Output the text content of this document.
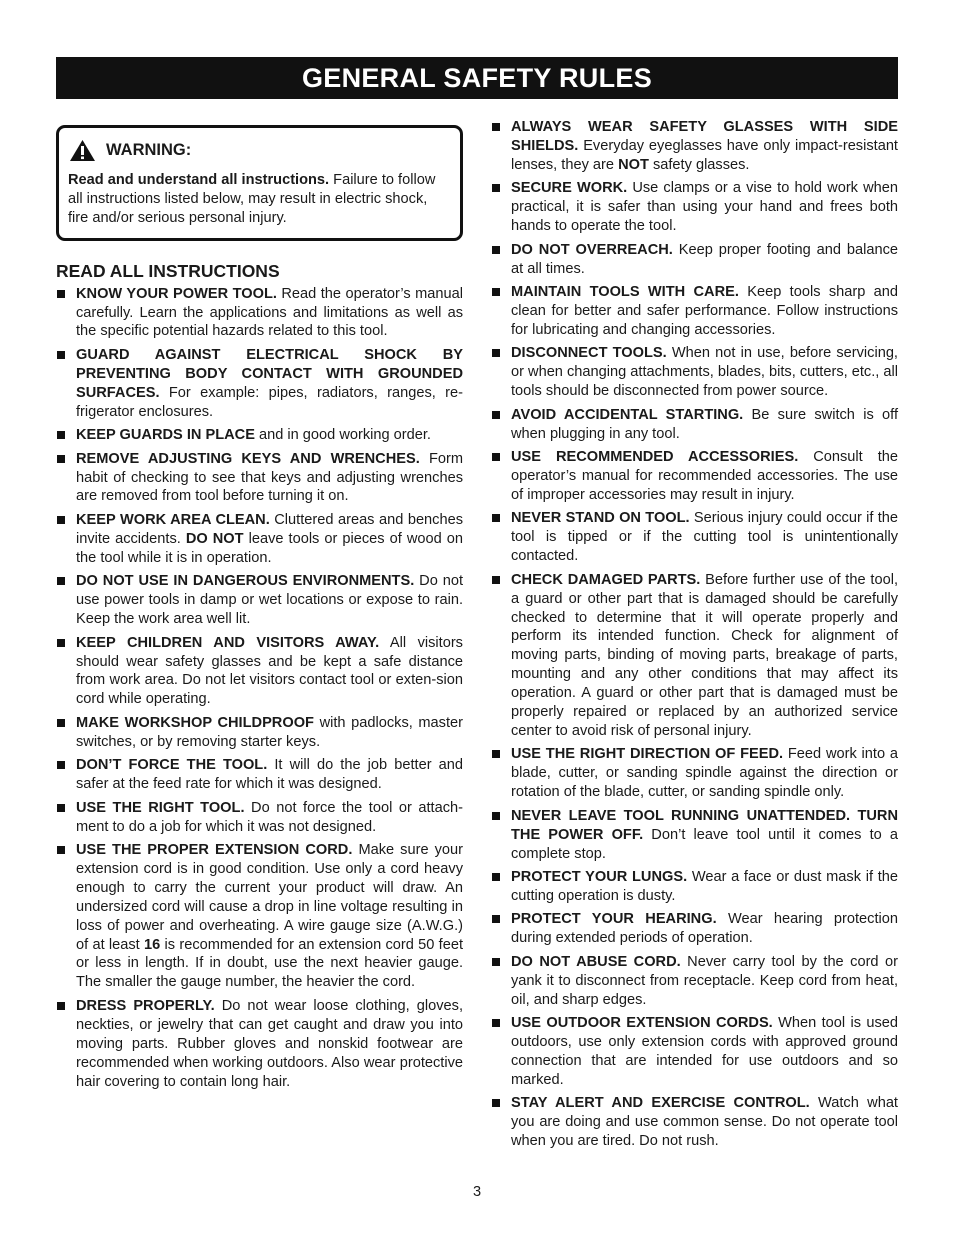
GENERAL SAFETY RULES
WARNING:
Read and understand all instructions. Failure to follow all instructions listed below, may result in electric shock, fire and/or serious personal injury.
READ ALL INSTRUCTIONS
KNOW YOUR POWER TOOL. Read the operator’s manual carefully. Learn the applications and limitations as well as the specific potential hazards related to this tool.
GUARD AGAINST ELECTRICAL SHOCK BY PREVENTING BODY CONTACT WITH GROUNDED SURFACES. For example: pipes, radiators, ranges, re-frigerator enclosures.
KEEP GUARDS IN PLACE and in good working order.
REMOVE ADJUSTING KEYS AND WRENCHES. Form habit of checking to see that keys and adjusting wrenches are removed from tool before turning it on.
KEEP WORK AREA CLEAN. Cluttered areas and benches invite accidents. DO NOT leave tools or pieces of wood on the tool while it is in operation.
DO NOT USE IN DANGEROUS ENVIRONMENTS. Do not use power tools in damp or wet locations or expose to rain. Keep the work area well lit.
KEEP CHILDREN AND VISITORS AWAY. All visitors should wear safety glasses and be kept a safe distance from work area. Do not let visitors contact tool or exten-sion cord while operating.
MAKE WORKSHOP CHILDPROOF with padlocks, master switches, or by removing starter keys.
DON’T FORCE THE TOOL. It will do the job better and safer at the feed rate for which it was designed.
USE THE RIGHT TOOL. Do not force the tool or attach-ment to do a job for which it was not designed.
USE THE PROPER EXTENSION CORD. Make sure your extension cord is in good condition. Use only a cord heavy enough to carry the current your product will draw. An undersized cord will cause a drop in line voltage resulting in loss of power and overheating. A wire gauge size (A.W.G.) of at least 16 is recommended for an extension cord 50 feet or less in length. If in doubt, use the next heavier gauge. The smaller the gauge number, the heavier the cord.
DRESS PROPERLY. Do not wear loose clothing, gloves, neckties, or jewelry that can get caught and draw you into moving parts. Rubber gloves and nonskid footwear are recommended when working outdoors. Also wear protective hair covering to contain long hair.
ALWAYS WEAR SAFETY GLASSES WITH SIDE SHIELDS. Everyday eyeglasses have only impact-resistant lenses, they are NOT safety glasses.
SECURE WORK. Use clamps or a vise to hold work when practical, it is safer than using your hand and frees both hands to operate the tool.
DO NOT OVERREACH. Keep proper footing and balance at all times.
MAINTAIN TOOLS WITH CARE. Keep tools sharp and clean for better and safer performance. Follow instructions for lubricating and changing accessories.
DISCONNECT TOOLS. When not in use, before servicing, or when changing attachments, blades, bits, cutters, etc., all tools should be disconnected from power source.
AVOID ACCIDENTAL STARTING. Be sure switch is off when plugging in any tool.
USE RECOMMENDED ACCESSORIES. Consult the operator’s manual for recommended accessories. The use of improper accessories may result in injury.
NEVER STAND ON TOOL. Serious injury could occur if the tool is tipped or if the cutting tool is unintentionally contacted.
CHECK DAMAGED PARTS. Before further use of the tool, a guard or other part that is damaged should be carefully checked to determine that it will operate properly and perform its intended function. Check for alignment of moving parts, binding of moving parts, breakage of parts, mounting and any other conditions that may affect its operation. A guard or other part that is damaged must be properly repaired or replaced by an authorized service center to avoid risk of personal injury.
USE THE RIGHT DIRECTION OF FEED. Feed work into a blade, cutter, or sanding spindle against the direction or rotation of the blade, cutter, or sanding spindle only.
NEVER LEAVE TOOL RUNNING UNATTENDED. TURN THE POWER OFF. Don’t leave tool until it comes to a complete stop.
PROTECT YOUR LUNGS. Wear a face or dust mask if the cutting operation is dusty.
PROTECT YOUR HEARING. Wear hearing protection during extended periods of operation.
DO NOT ABUSE CORD. Never carry tool by the cord or yank it to disconnect from receptacle. Keep cord from heat, oil, and sharp edges.
USE OUTDOOR EXTENSION CORDS. When tool is used outdoors, use only extension cords with approved ground connection that are intended for use outdoors and so marked.
STAY ALERT AND EXERCISE CONTROL. Watch what you are doing and use common sense. Do not operate tool when you are tired. Do not rush.
3
